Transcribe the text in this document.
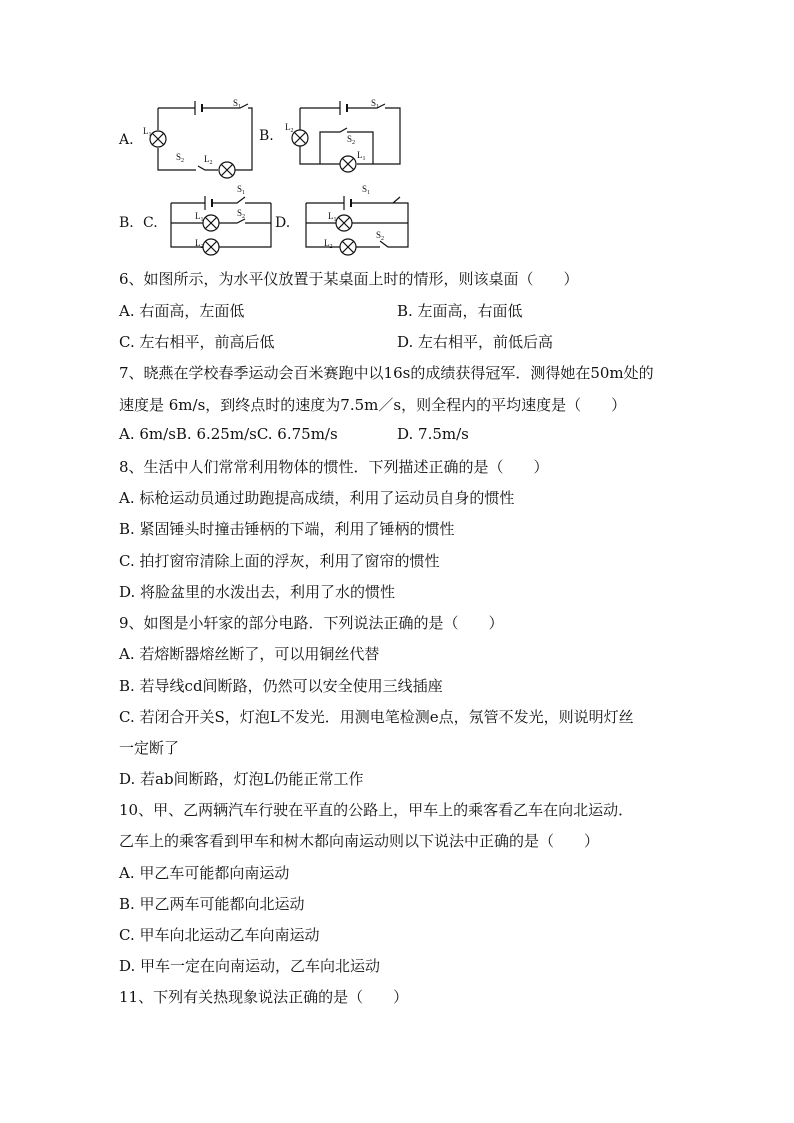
A.
$S_1$
$L_1$
$S_2$ $L_2$
B.
$S_1$
$L_2$
$S_2$
$L_1$
B. C.
$S_1$
$L_1$
$S_2$
$L_2$
D.
$S_1$
$L_1$
$L_2$
$S_2$
6、如图所示，为水平仪放置于某桌面上时的情形，则该桌面（　　）
A. 右面高，左面低	B. 左面高，右面低
C. 左右相平，前高后低	D. 左右相平，前低后高
7、晓燕在学校春季运动会百米赛跑中以16s的成绩获得冠军．测得她在50m处的
速度是 6m/s，到终点时的速度为7.5m／s，则全程内的平均速度是（　　）
A. 6m/sB. 6.25m/sC. 6.75m/s	D. 7.5m/s
8、生活中人们常常利用物体的惯性．下列描述正确的是（　　）
A. 标枪运动员通过助跑提高成绩，利用了运动员自身的惯性
B. 紧固锤头时撞击锤柄的下端，利用了锤柄的惯性
C. 拍打窗帘清除上面的浮灰，利用了窗帘的惯性
D. 将脸盆里的水泼出去，利用了水的惯性
9、如图是小轩家的部分电路．下列说法正确的是（　　）
A. 若熔断器熔丝断了，可以用铜丝代替
B. 若导线cd间断路，仍然可以安全使用三线插座
C. 若闭合开关S，灯泡L不发光．用测电笔检测e点，氖管不发光，则说明灯丝
一定断了
D. 若ab间断路，灯泡L仍能正常工作
10、甲、乙两辆汽车行驶在平直的公路上，甲车上的乘客看乙车在向北运动．
乙车上的乘客看到甲车和树木都向南运动则以下说法中正确的是（　　）
A. 甲乙车可能都向南运动
B. 甲乙两车可能都向北运动
C. 甲车向北运动乙车向南运动
D. 甲车一定在向南运动，乙车向北运动
11、下列有关热现象说法正确的是（　　）
